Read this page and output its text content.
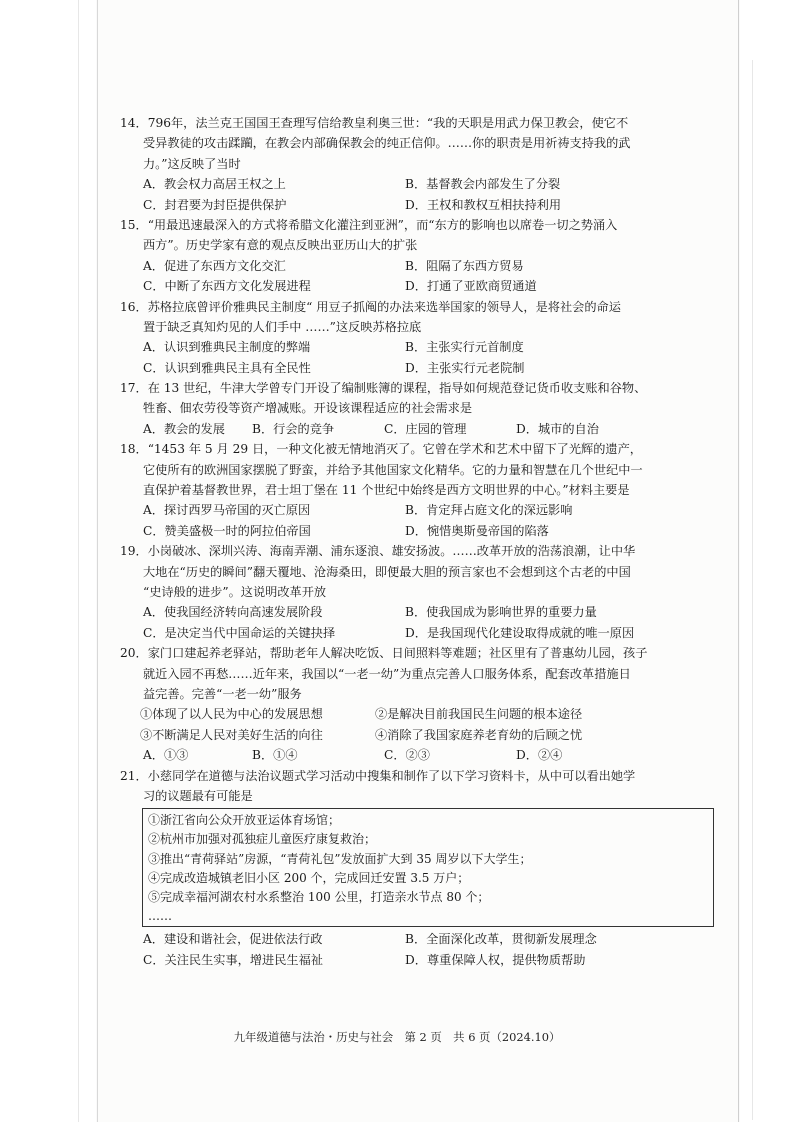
14．796年，法兰克王国国王查理写信给教皇利奥三世：“我的天职是用武力保卫教会，使它不
受异教徒的攻击蹂躏，在教会内部确保教会的纯正信仰。……你的职责是用祈祷支持我的武
力。”这反映了当时
A．教会权力高居王权之上	B．基督教会内部发生了分裂
C．封君要为封臣提供保护	D．王权和教权互相扶持利用
15．“用最迅速最深入的方式将希腊文化灌注到亚洲”，而“东方的影响也以席卷一切之势涌入
西方”。历史学家有意的观点反映出亚历山大的扩张
A．促进了东西方文化交汇	B．阻隔了东西方贸易
C．中断了东西方文化发展进程	D．打通了亚欧商贸通道
16．苏格拉底曾评价雅典民主制度“ 用豆子抓阄的办法来选举国家的领导人，是将社会的命运
置于缺乏真知灼见的人们手中 ……”这反映苏格拉底
A．认识到雅典民主制度的弊端	B．主张实行元首制度
C．认识到雅典民主具有全民性	D．主张实行元老院制
17．在 13 世纪，牛津大学曾专门开设了编制账簿的课程，指导如何规范登记货币收支账和谷物、
牲畜、佃农劳役等资产增减账。开设该课程适应的社会需求是
A．教会的发展	B．行会的竞争	C．庄园的管理	D．城市的自治
18．“1453 年 5 月 29 日，一种文化被无情地消灭了。它曾在学术和艺术中留下了光辉的遗产，
它使所有的欧洲国家摆脱了野蛮，并给予其他国家文化精华。它的力量和智慧在几个世纪中一
直保护着基督教世界，君士坦丁堡在 11 个世纪中始终是西方文明世界的中心。”材料主要是
A．探讨西罗马帝国的灭亡原因	B．肯定拜占庭文化的深远影响
C．赞美盛极一时的阿拉伯帝国	D．惋惜奥斯曼帝国的陷落
19．小岗破冰、深圳兴涛、海南弄潮、浦东逐浪、雄安扬波。……改革开放的浩荡浪潮，让中华
大地在“历史的瞬间”翻天覆地、沧海桑田，即便最大胆的预言家也不会想到这个古老的中国
“史诗般的进步”。这说明改革开放
A．使我国经济转向高速发展阶段	B．使我国成为影响世界的重要力量
C．是决定当代中国命运的关键抉择	D．是我国现代化建设取得成就的唯一原因
20．家门口建起养老驿站，帮助老年人解决吃饭、日间照料等难题；社区里有了普惠幼儿园，孩子
就近入园不再愁……近年来，我国以“一老一幼”为重点完善人口服务体系，配套改革措施日
益完善。完善“一老一幼”服务
①体现了以人民为中心的发展思想	②是解决目前我国民生问题的根本途径
③不断满足人民对美好生活的向往	④消除了我国家庭养老育幼的后顾之忧
A．①③	B．①④	C．②③	D．②④
21．小慈同学在道德与法治议题式学习活动中搜集和制作了以下学习资料卡，从中可以看出她学
习的议题最有可能是
①浙江省向公众开放亚运体育场馆；
②杭州市加强对孤独症儿童医疗康复救治；
③推出“青荷驿站”房源，“青荷礼包”发放面扩大到 35 周岁以下大学生；
④完成改造城镇老旧小区 200 个，完成回迁安置 3.5 万户；
⑤完成幸福河湖农村水系整治 100 公里，打造亲水节点 80 个；
……
A．建设和谐社会，促进依法行政	B．全面深化改革，贯彻新发展理念
C．关注民生实事，增进民生福祉	D．尊重保障人权，提供物质帮助
九年级道德与法治・历史与社会　第 2 页　共 6 页（2024.10）
